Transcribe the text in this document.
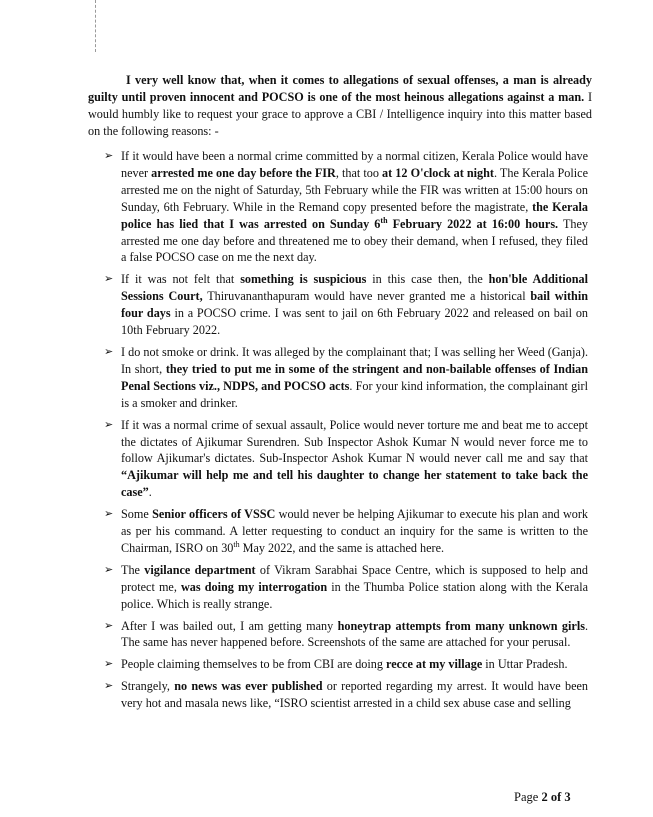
I very well know that, when it comes to allegations of sexual offenses, a man is already guilty until proven innocent and POCSO is one of the most heinous allegations against a man. I would humbly like to request your grace to approve a CBI / Intelligence inquiry into this matter based on the following reasons: -

➢ If it would have been a normal crime committed by a normal citizen, Kerala Police would have never arrested me one day before the FIR, that too at 12 O'clock at night. The Kerala Police arrested me on the night of Saturday, 5th February while the FIR was written at 15:00 hours on Sunday, 6th February. While in the Remand copy presented before the magistrate, the Kerala police has lied that I was arrested on Sunday 6th February 2022 at 16:00 hours. They arrested me one day before and threatened me to obey their demand, when I refused, they filed a false POCSO case on me the next day.
➢ If it was not felt that something is suspicious in this case then, the hon'ble Additional Sessions Court, Thiruvananthapuram would have never granted me a historical bail within four days in a POCSO crime. I was sent to jail on 6th February 2022 and released on bail on 10th February 2022.
➢ I do not smoke or drink. It was alleged by the complainant that; I was selling her Weed (Ganja). In short, they tried to put me in some of the stringent and non-bailable offenses of Indian Penal Sections viz., NDPS, and POCSO acts. For your kind information, the complainant girl is a smoker and drinker.
➢ If it was a normal crime of sexual assault, Police would never torture me and beat me to accept the dictates of Ajikumar Surendren. Sub Inspector Ashok Kumar N would never force me to follow Ajikumar's dictates. Sub-Inspector Ashok Kumar N would never call me and say that “Ajikumar will help me and tell his daughter to change her statement to take back the case”.
➢ Some Senior officers of VSSC would never be helping Ajikumar to execute his plan and work as per his command. A letter requesting to conduct an inquiry for the same is written to the Chairman, ISRO on 30th May 2022, and the same is attached here.
➢ The vigilance department of Vikram Sarabhai Space Centre, which is supposed to help and protect me, was doing my interrogation in the Thumba Police station along with the Kerala police. Which is really strange.
➢ After I was bailed out, I am getting many honeytrap attempts from many unknown girls. The same has never happened before. Screenshots of the same are attached for your perusal.
➢ People claiming themselves to be from CBI are doing recce at my village in Uttar Pradesh.
➢ Strangely, no news was ever published or reported regarding my arrest. It would have been very hot and masala news like, “ISRO scientist arrested in a child sex abuse case and selling
Page 2 of 3
